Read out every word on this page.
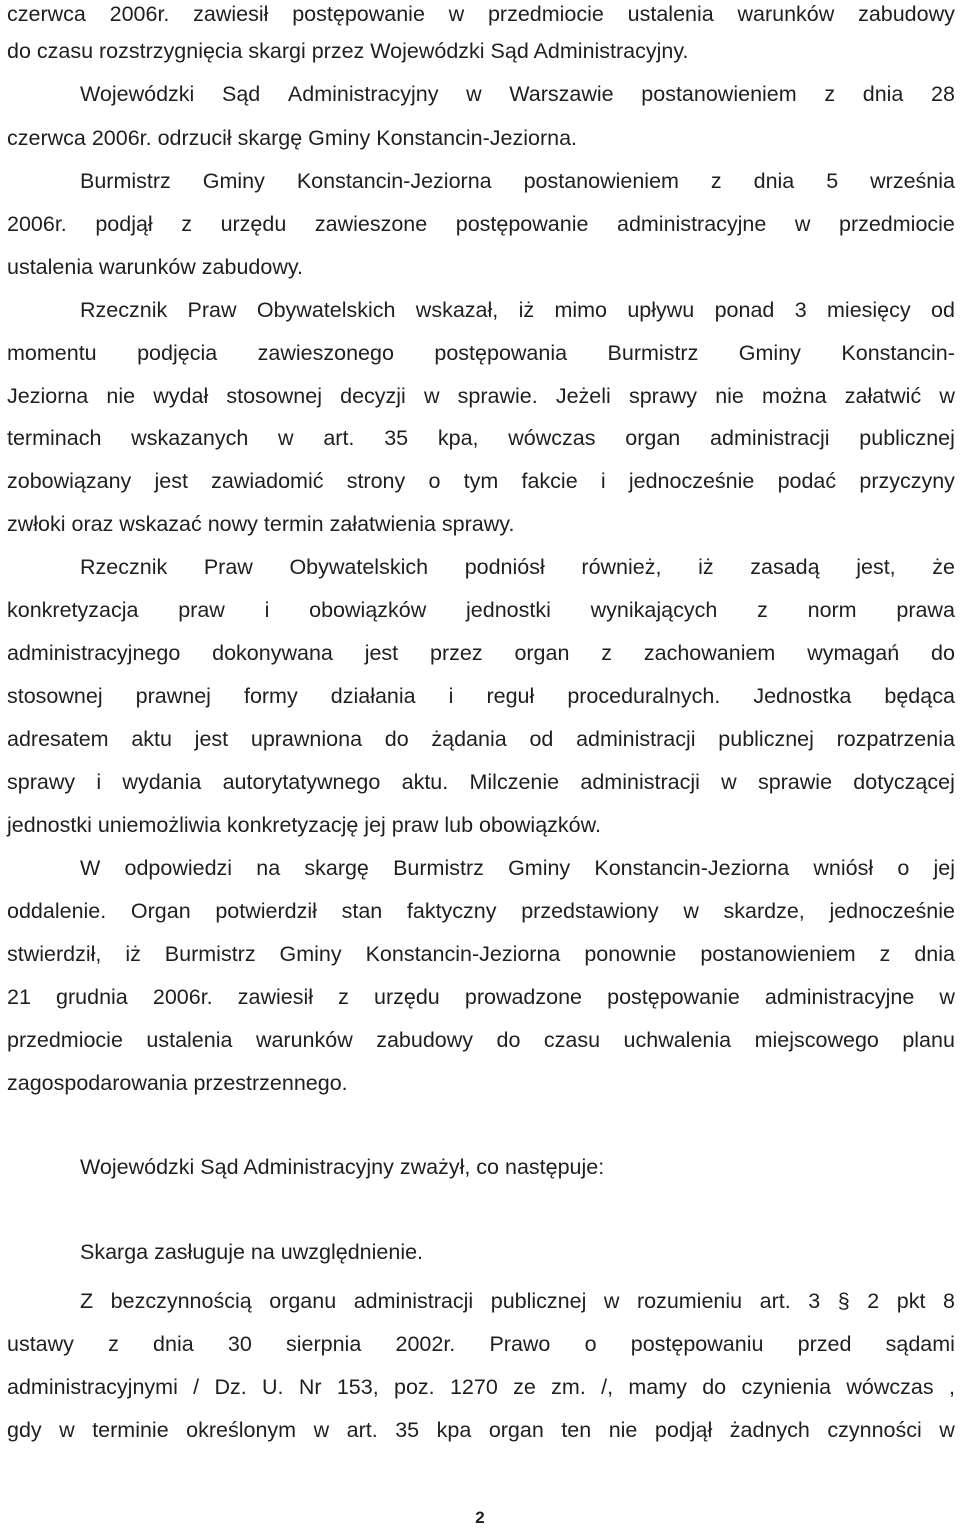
czerwca 2006r. zawiesił postępowanie w przedmiocie ustalenia warunków zabudowy
do czasu rozstrzygnięcia skargi przez Wojewódzki Sąd Administracyjny.
Wojewódzki Sąd Administracyjny w Warszawie postanowieniem z dnia 28
czerwca 2006r. odrzucił skargę Gminy Konstancin-Jeziorna.
Burmistrz Gminy Konstancin-Jeziorna postanowieniem z dnia 5 września
2006r. podjął z urzędu zawieszone postępowanie administracyjne w przedmiocie
ustalenia warunków zabudowy.
Rzecznik Praw Obywatelskich wskazał, iż mimo upływu ponad 3 miesięcy od
momentu podjęcia zawieszonego postępowania Burmistrz Gminy Konstancin-
Jeziorna nie wydał stosownej decyzji w sprawie. Jeżeli sprawy nie można załatwić w
terminach wskazanych w art. 35 kpa, wówczas organ administracji publicznej
zobowiązany jest zawiadomić strony o tym fakcie i jednocześnie podać przyczyny
zwłoki oraz wskazać nowy termin załatwienia sprawy.
Rzecznik Praw Obywatelskich podniósł również, iż zasadą jest, że
konkretyzacja praw i obowiązków jednostki wynikających z norm prawa
administracyjnego dokonywana jest przez organ z zachowaniem wymagań do
stosownej prawnej formy działania i reguł proceduralnych. Jednostka będąca
adresatem aktu jest uprawniona do żądania od administracji publicznej rozpatrzenia
sprawy i wydania autorytatywnego aktu. Milczenie administracji w sprawie dotyczącej
jednostki uniemożliwia konkretyzację jej praw lub obowiązków.
W odpowiedzi na skargę Burmistrz Gminy Konstancin-Jeziorna wniósł o jej
oddalenie. Organ potwierdził stan faktyczny przedstawiony w skardze, jednocześnie
stwierdził, iż Burmistrz Gminy Konstancin-Jeziorna ponownie postanowieniem z dnia
21 grudnia 2006r. zawiesił z urzędu prowadzone postępowanie administracyjne w
przedmiocie ustalenia warunków zabudowy do czasu uchwalenia miejscowego planu
zagospodarowania przestrzennego.
Wojewódzki Sąd Administracyjny zważył, co następuje:
Skarga zasługuje na uwzględnienie.
Z bezczynnością organu administracji publicznej w rozumieniu art. 3 § 2 pkt 8
ustawy z dnia 30 sierpnia 2002r. Prawo o postępowaniu przed sądami
administracyjnymi / Dz. U. Nr 153, poz. 1270 ze zm. /, mamy do czynienia wówczas ,
gdy w terminie określonym w art. 35 kpa organ ten nie podjął żadnych czynności w
2
